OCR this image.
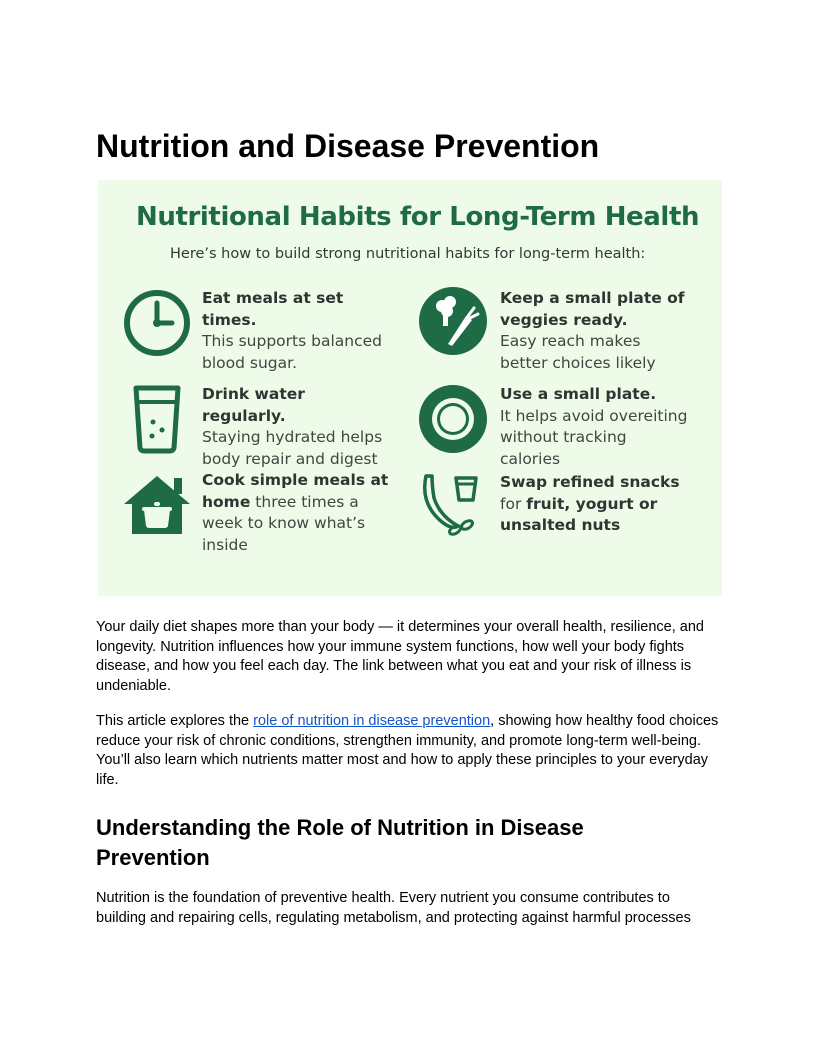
Nutrition and Disease Prevention
Nutritional Habits for Long-Term Health
Here’s how to build strong nutritional habits for long-term health:
Eat meals at set times.
This supports balanced blood sugar.
Drink water regularly.
Staying hydrated helps body repair and digest
Cook simple meals at home three times a week to know what’s inside
Keep a small plate of veggies ready.
Easy reach makes better choices likely
Use a small plate.
It helps avoid overeiting without tracking calories
Swap refined snacks
for fruit, yogurt or unsalted nuts

Your daily diet shapes more than your body — it determines your overall health, resilience, and longevity. Nutrition influences how your immune system functions, how well your body fights disease, and how you feel each day. The link between what you eat and your risk of illness is undeniable.

This article explores the role of nutrition in disease prevention, showing how healthy food choices reduce your risk of chronic conditions, strengthen immunity, and promote long-term well-being. You’ll also learn which nutrients matter most and how to apply these principles to your everyday life.

Understanding the Role of Nutrition in Disease Prevention

Nutrition is the foundation of preventive health. Every nutrient you consume contributes to building and repairing cells, regulating metabolism, and protecting against harmful processes
